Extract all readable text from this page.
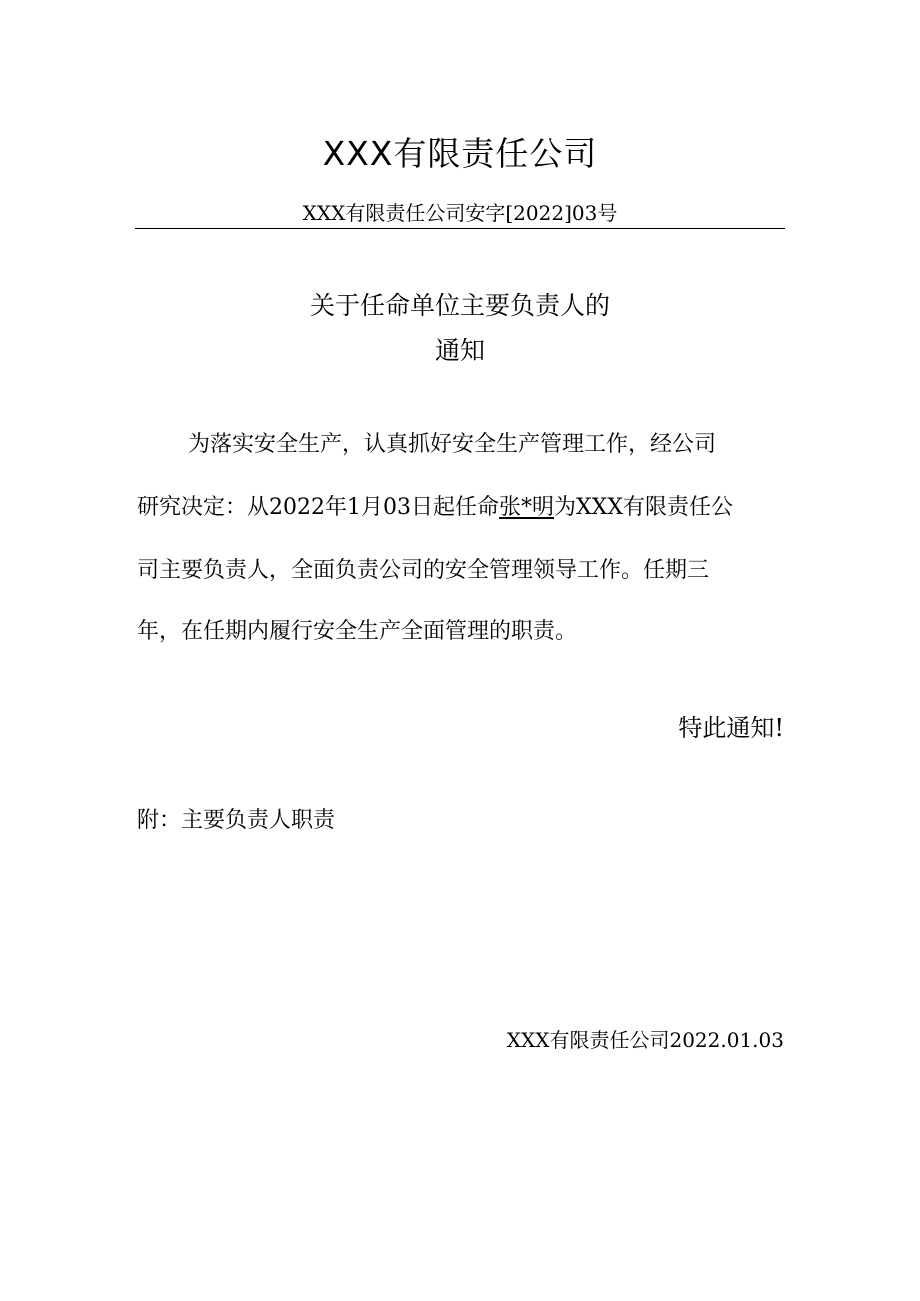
XXX有限责任公司
XXX有限责任公司安字[2022]03号
关于任命单位主要负责人的
通知
为落实安全生产，认真抓好安全生产管理工作，经公司
研究决定：从2022年1月03日起任命张*明为XXX有限责任公
司主要负责人，全面负责公司的安全管理领导工作。任期三
年，在任期内履行安全生产全面管理的职责。
特此通知!
附：主要负责人职责
XXX有限责任公司2022.01.03
